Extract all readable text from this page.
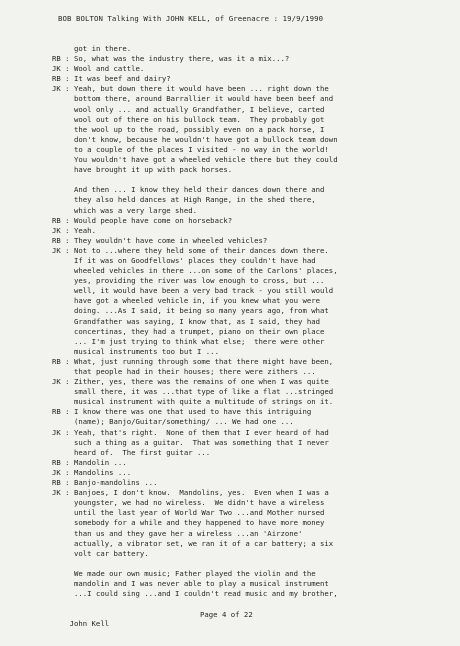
BOB BOLTON Talking With JOHN KELL, of Greenacre : 19/9/1990
got in there.
RB : So, what was the industry there, was it a mix...?
JK : Wool and cattle.
RB : It was beef and dairy?
JK : Yeah, but down there it would have been ... right down the
bottom there, around Barrallier it would have been beef and
wool only ... and actually Grandfather, I believe, carted
wool out of there on his bullock team.  They probably got
the wool up to the road, possibly even on a pack horse, I
don't know, because he wouldn't have got a bullock team down
to a couple of the places I visited - no way in the world!
You wouldn't have got a wheeled vehicle there but they could
have brought it up with pack horses.
And then ... I know they held their dances down there and
they also held dances at High Range, in the shed there,
which was a very large shed.
RB : Would people have come on horseback?
JK : Yeah.
RB : They wouldn't have come in wheeled vehicles?
JK : Not to ...where they held some of their dances down there.
If it was on Goodfellows' places they couldn't have had
wheeled vehicles in there ...on some of the Carlons' places,
yes, providing the river was low enough to cross, but ...
well, it would have been a very bad track - you still would
have got a wheeled vehicle in, if you knew what you were
doing. ...As I said, it being so many years ago, from what
Grandfather was saying, I know that, as I said, they had
concertinas, they had a trumpet, piano on their own place
... I'm just trying to think what else;  there were other
musical instruments too but I ...
RB : What, just running through some that there might have been,
that people had in their houses; there were zithers ...
JK : Zither, yes, there was the remains of one when I was quite
small there, it was ...that type of like a flat ...stringed
musical instrument with quite a multitude of strings on it.
RB : I know there was one that used to have this intriguing
(name); Banjo/Guitar/something/ ... We had one ...
JK : Yeah, that's right.  None of them that I ever heard of had
such a thing as a guitar.  That was something that I never
heard of.  The first guitar ...
RB : Mandolin ...
JK : Mandolins ...
RB : Banjo-mandolins ...
JK : Banjoes, I don't know.  Mandolins, yes.  Even when I was a
youngster, we had no wireless.  We didn't have a wireless
until the last year of World War Two ...and Mother nursed
somebody for a while and they happened to have more money
than us and they gave her a wireless ...an 'Airzone'
actually, a vibrator set, we ran it of a car battery; a six
volt car battery.
We made our own music; Father played the violin and the
mandolin and I was never able to play a musical instrument
...I could sing ...and I couldn't read music and my brother,

John Kell

Page 4 of 22
